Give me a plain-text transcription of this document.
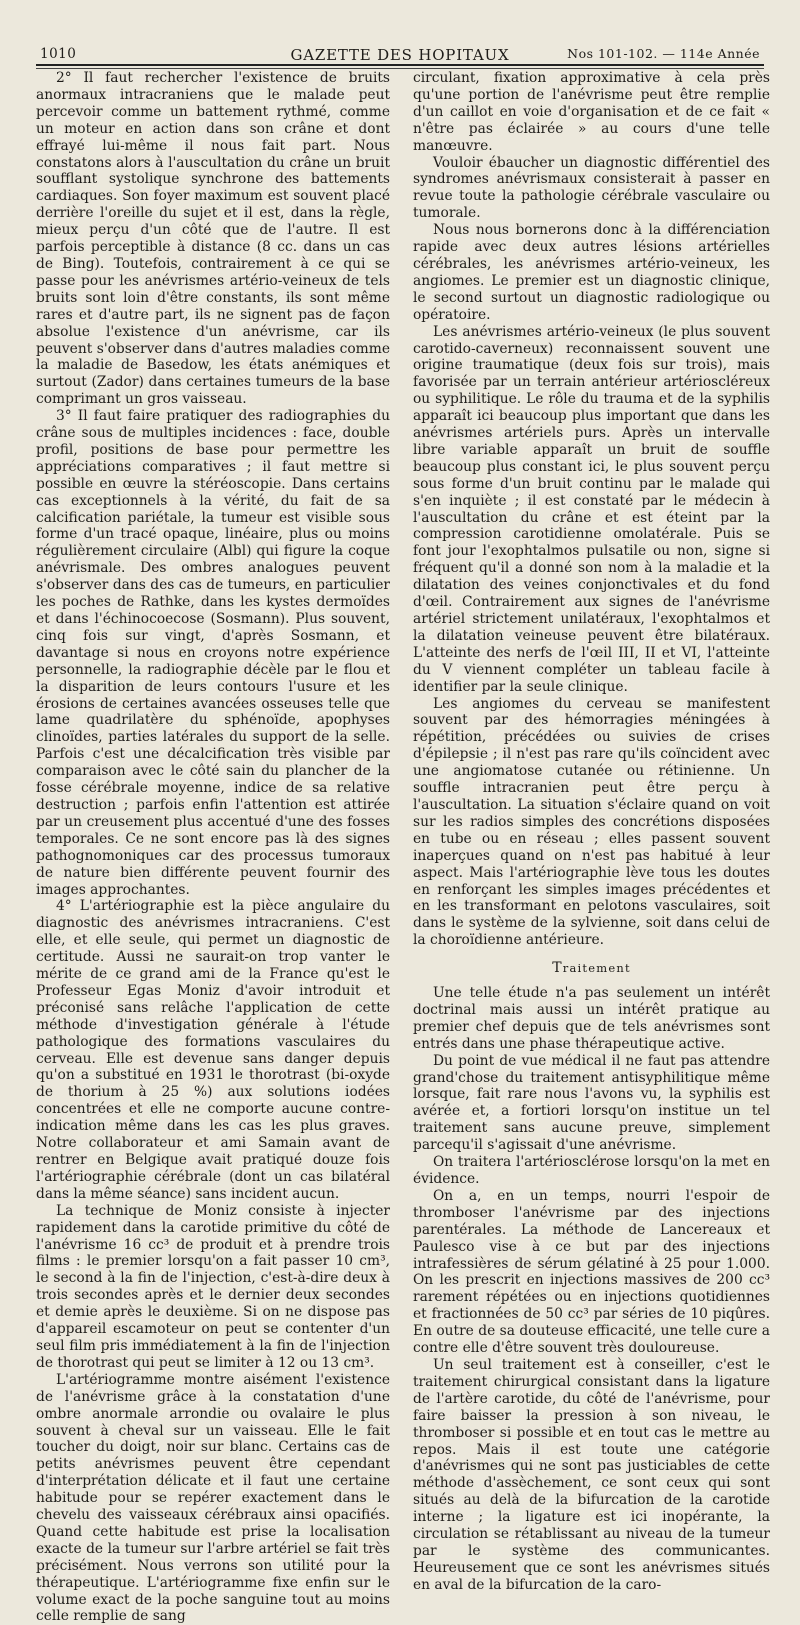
1010	GAZETTE DES HOPITAUX	Nos 101-102. — 114e Année

2° Il faut rechercher l'existence de bruits anormaux intracraniens que le malade peut percevoir comme un battement rythmé, comme un moteur en action dans son crâne et dont effrayé lui-même il nous fait part. Nous constatons alors à l'auscultation du crâne un bruit soufflant systolique synchrone des battements cardiaques. Son foyer maximum est souvent placé derrière l'oreille du sujet et il est, dans la règle, mieux perçu d'un côté que de l'autre. Il est parfois perceptible à distance (8 cc. dans un cas de Bing). Toutefois, contrairement à ce qui se passe pour les anévrismes artério-veineux de tels bruits sont loin d'être constants, ils sont même rares et d'autre part, ils ne signent pas de façon absolue l'existence d'un anévrisme, car ils peuvent s'observer dans d'autres maladies comme la maladie de Basedow, les états anémiques et surtout (Zador) dans certaines tumeurs de la base comprimant un gros vaisseau.

3° Il faut faire pratiquer des radiographies du crâne sous de multiples incidences : face, double profil, positions de base pour permettre les appréciations comparatives ; il faut mettre si possible en œuvre la stéréoscopie. Dans certains cas exceptionnels à la vérité, du fait de sa calcification pariétale, la tumeur est visible sous forme d'un tracé opaque, linéaire, plus ou moins régulièrement circulaire (Albl) qui figure la coque anévrismale. Des ombres analogues peuvent s'observer dans des cas de tumeurs, en particulier les poches de Rathke, dans les kystes dermoïdes et dans l'échinocoecose (Sosmann). Plus souvent, cinq fois sur vingt, d'après Sosmann, et davantage si nous en croyons notre expérience personnelle, la radiographie décèle par le flou et la disparition de leurs contours l'usure et les érosions de certaines avancées osseuses telle que lame quadrilatère du sphénoïde, apophyses clinoïdes, parties latérales du support de la selle. Parfois c'est une décalcification très visible par comparaison avec le côté sain du plancher de la fosse cérébrale moyenne, indice de sa relative destruction ; parfois enfin l'attention est attirée par un creusement plus accentué d'une des fosses temporales. Ce ne sont encore pas là des signes pathognomoniques car des processus tumoraux de nature bien différente peuvent fournir des images approchantes.

4° L'artériographie est la pièce angulaire du diagnostic des anévrismes intracraniens. C'est elle, et elle seule, qui permet un diagnostic de certitude. Aussi ne saurait-on trop vanter le mérite de ce grand ami de la France qu'est le Professeur Egas Moniz d'avoir introduit et préconisé sans relâche l'application de cette méthode d'investigation générale à l'étude pathologique des formations vasculaires du cerveau. Elle est devenue sans danger depuis qu'on a substitué en 1931 le thorotrast (bi-oxyde de thorium à 25 %) aux solutions iodées concentrées et elle ne comporte aucune contre-indication même dans les cas les plus graves. Notre collaborateur et ami Samain avant de rentrer en Belgique avait pratiqué douze fois l'artériographie cérébrale (dont un cas bilatéral dans la même séance) sans incident aucun.

La technique de Moniz consiste à injecter rapidement dans la carotide primitive du côté de l'anévrisme 16 cc³ de produit et à prendre trois films : le premier lorsqu'on a fait passer 10 cm³, le second à la fin de l'injection, c'est-à-dire deux à trois secondes après et le dernier deux secondes et demie après le deuxième. Si on ne dispose pas d'appareil escamoteur on peut se contenter d'un seul film pris immédiatement à la fin de l'injection de thorotrast qui peut se limiter à 12 ou 13 cm³.

L'artériogramme montre aisément l'existence de l'anévrisme grâce à la constatation d'une ombre anormale arrondie ou ovalaire le plus souvent à cheval sur un vaisseau. Elle le fait toucher du doigt, noir sur blanc. Certains cas de petits anévrismes peuvent être cependant d'interprétation délicate et il faut une certaine habitude pour se repérer exactement dans le chevelu des vaisseaux cérébraux ainsi opacifiés. Quand cette habitude est prise la localisation exacte de la tumeur sur l'arbre artériel se fait très précisément. Nous verrons son utilité pour la thérapeutique. L'artériogramme fixe enfin sur le volume exact de la poche sanguine tout au moins celle remplie de sang

circulant, fixation approximative à cela près qu'une portion de l'anévrisme peut être remplie d'un caillot en voie d'organisation et de ce fait « n'être pas éclairée » au cours d'une telle manœuvre.

Vouloir ébaucher un diagnostic différentiel des syndromes anévrismaux consisterait à passer en revue toute la pathologie cérébrale vasculaire ou tumorale.

Nous nous bornerons donc à la différenciation rapide avec deux autres lésions artérielles cérébrales, les anévrismes artério-veineux, les angiomes. Le premier est un diagnostic clinique, le second surtout un diagnostic radiologique ou opératoire.

Les anévrismes artério-veineux (le plus souvent carotido-caverneux) reconnaissent souvent une origine traumatique (deux fois sur trois), mais favorisée par un terrain antérieur artérioscléreux ou syphilitique. Le rôle du trauma et de la syphilis apparaît ici beaucoup plus important que dans les anévrismes artériels purs. Après un intervalle libre variable apparaît un bruit de souffle beaucoup plus constant ici, le plus souvent perçu sous forme d'un bruit continu par le malade qui s'en inquiète ; il est constaté par le médecin à l'auscultation du crâne et est éteint par la compression carotidienne omolatérale. Puis se font jour l'exophtalmos pulsatile ou non, signe si fréquent qu'il a donné son nom à la maladie et la dilatation des veines conjonctivales et du fond d'œil. Contrairement aux signes de l'anévrisme artériel strictement unilatéraux, l'exophtalmos et la dilatation veineuse peuvent être bilatéraux. L'atteinte des nerfs de l'œil III, II et VI, l'atteinte du V viennent compléter un tableau facile à identifier par la seule clinique.

Les angiomes du cerveau se manifestent souvent par des hémorragies méningées à répétition, précédées ou suivies de crises d'épilepsie ; il n'est pas rare qu'ils coïncident avec une angiomatose cutanée ou rétinienne. Un souffle intracranien peut être perçu à l'auscultation. La situation s'éclaire quand on voit sur les radios simples des concrétions disposées en tube ou en réseau ; elles passent souvent inaperçues quand on n'est pas habitué à leur aspect. Mais l'artériographie lève tous les doutes en renforçant les simples images précédentes et en les transformant en pelotons vasculaires, soit dans le système de la sylvienne, soit dans celui de la choroïdienne antérieure.

Traitement

Une telle étude n'a pas seulement un intérêt doctrinal mais aussi un intérêt pratique au premier chef depuis que de tels anévrismes sont entrés dans une phase thérapeutique active.

Du point de vue médical il ne faut pas attendre grand'chose du traitement antisyphilitique même lorsque, fait rare nous l'avons vu, la syphilis est avérée et, a fortiori lorsqu'on institue un tel traitement sans aucune preuve, simplement parcequ'il s'agissait d'une anévrisme.

On traitera l'artériosclérose lorsqu'on la met en évidence.

On a, en un temps, nourri l'espoir de thromboser l'anévrisme par des injections parentérales. La méthode de Lancereaux et Paulesco vise à ce but par des injections intrafessières de sérum gélatiné à 25 pour 1.000. On les prescrit en injections massives de 200 cc³ rarement répétées ou en injections quotidiennes et fractionnées de 50 cc³ par séries de 10 piqûres. En outre de sa douteuse efficacité, une telle cure a contre elle d'être souvent très douloureuse.

Un seul traitement est à conseiller, c'est le traitement chirurgical consistant dans la ligature de l'artère carotide, du côté de l'anévrisme, pour faire baisser la pression à son niveau, le thromboser si possible et en tout cas le mettre au repos. Mais il est toute une catégorie d'anévrismes qui ne sont pas justiciables de cette méthode d'assèchement, ce sont ceux qui sont situés au delà de la bifurcation de la carotide interne ; la ligature est ici inopérante, la circulation se rétablissant au niveau de la tumeur par le système des communicantes. Heureusement que ce sont les anévrismes situés en aval de la bifurcation de la caro-
